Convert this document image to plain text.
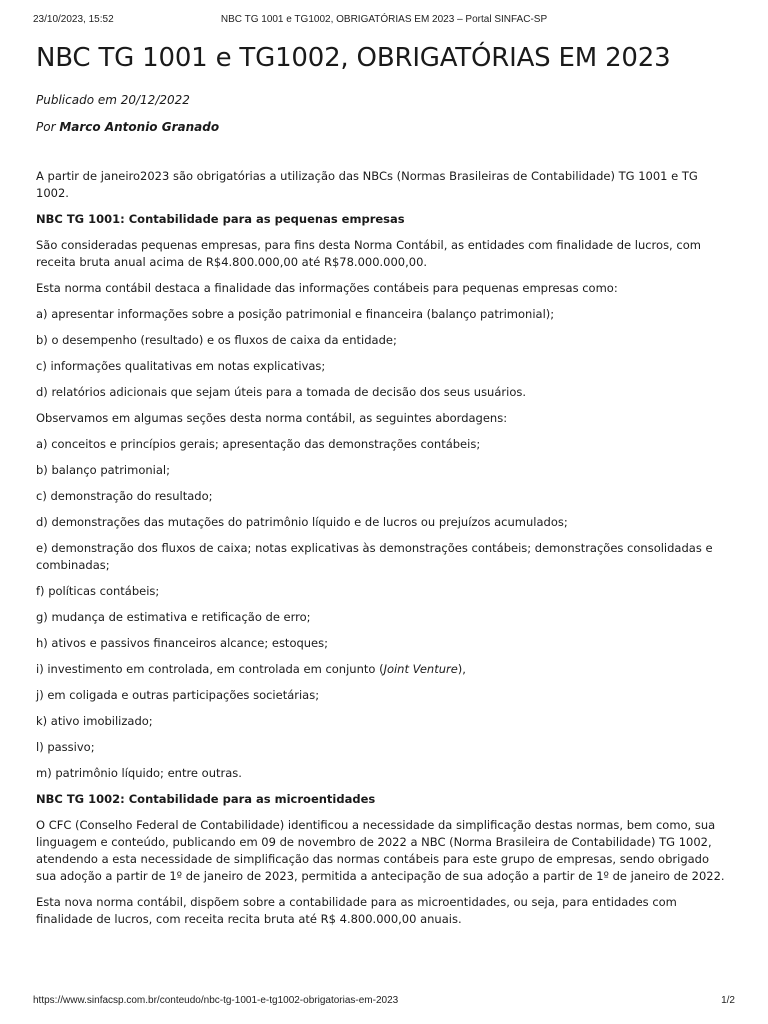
23/10/2023, 15:52	NBC TG 1001 e TG1002, OBRIGATÓRIAS EM 2023 – Portal SINFAC-SP
NBC TG 1001 e TG1002, OBRIGATÓRIAS EM 2023

Publicado em 20/12/2022

Por Marco Antonio Granado

A partir de janeiro2023 são obrigatórias a utilização das NBCs (Normas Brasileiras de Contabilidade) TG 1001 e TG 1002.

NBC TG 1001: Contabilidade para as pequenas empresas

São consideradas pequenas empresas, para fins desta Norma Contábil, as entidades com finalidade de lucros, com receita bruta anual acima de R$4.800.000,00 até R$78.000.000,00.

Esta norma contábil destaca a finalidade das informações contábeis para pequenas empresas como:

a) apresentar informações sobre a posição patrimonial e financeira (balanço patrimonial);

b) o desempenho (resultado) e os fluxos de caixa da entidade;

c) informações qualitativas em notas explicativas;

d) relatórios adicionais que sejam úteis para a tomada de decisão dos seus usuários.

Observamos em algumas seções desta norma contábil, as seguintes abordagens:

a) conceitos e princípios gerais; apresentação das demonstrações contábeis;

b) balanço patrimonial;

c) demonstração do resultado;

d) demonstrações das mutações do patrimônio líquido e de lucros ou prejuízos acumulados;

e) demonstração dos fluxos de caixa; notas explicativas às demonstrações contábeis; demonstrações consolidadas e combinadas;

f) políticas contábeis;

g) mudança de estimativa e retificação de erro;

h) ativos e passivos financeiros alcance; estoques;

i) investimento em controlada, em controlada em conjunto (Joint Venture),

j) em coligada e outras participações societárias;

k) ativo imobilizado;

l) passivo;

m) patrimônio líquido; entre outras.

NBC TG 1002: Contabilidade para as microentidades

O CFC (Conselho Federal de Contabilidade) identificou a necessidade da simplificação destas normas, bem como, sua linguagem e conteúdo, publicando em 09 de novembro de 2022 a NBC (Norma Brasileira de Contabilidade) TG 1002, atendendo a esta necessidade de simplificação das normas contábeis para este grupo de empresas, sendo obrigado sua adoção a partir de 1º de janeiro de 2023, permitida a antecipação de sua adoção a partir de 1º de janeiro de 2022.

Esta nova norma contábil, dispõem sobre a contabilidade para as microentidades, ou seja, para entidades com finalidade de lucros, com receita recita bruta até R$ 4.800.000,00 anuais.

https://www.sinfacsp.com.br/conteudo/nbc-tg-1001-e-tg1002-obrigatorias-em-2023	1/2
